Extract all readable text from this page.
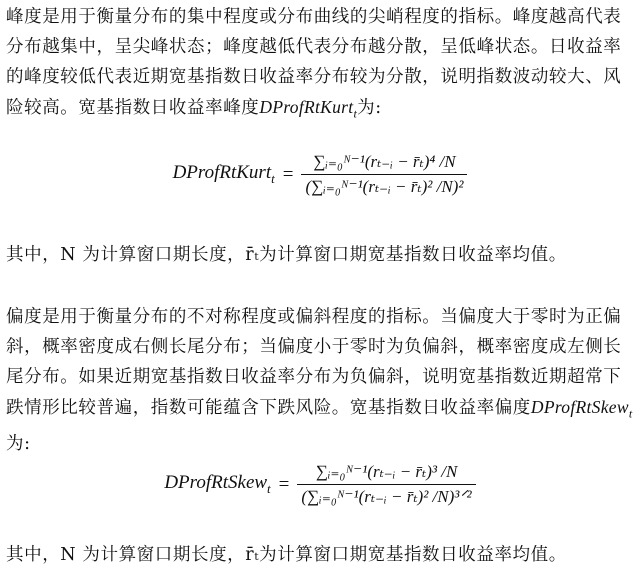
峰度是用于衡量分布的集中程度或分布曲线的尖峭程度的指标。峰度越高代表分布越集中，呈尖峰状态；峰度越低代表分布越分散，呈低峰状态。日收益率的峰度较低代表近期宽基指数日收益率分布较为分散，说明指数波动较大、风险较高。宽基指数日收益率峰度DProfRtKurt$_t$为:

DProfRtKurt$_t$ = $\frac{\text{∑ᵢ₌₀ᴺ⁻¹(rₜ₋ᵢ − r̄ₜ)⁴ /N}}{\text{(∑ᵢ₌₀ᴺ⁻¹(rₜ₋ᵢ − r̄ₜ)² /N)²}}$

其中，N 为计算窗口期长度，r̄ₜ为计算窗口期宽基指数日收益率均值。

偏度是用于衡量分布的不对称程度或偏斜程度的指标。当偏度大于零时为正偏斜，概率密度成右侧长尾分布；当偏度小于零时为负偏斜，概率密度成左侧长尾分布。如果近期宽基指数日收益率分布为负偏斜，说明宽基指数近期超常下跌情形比较普遍，指数可能蕴含下跌风险。宽基指数日收益率偏度DProfRtSkew$_t$为:

DProfRtSkew$_t$ = $\frac{\text{∑ᵢ₌₀ᴺ⁻¹(rₜ₋ᵢ − r̄ₜ)³ /N}}{\text{(∑ᵢ₌₀ᴺ⁻¹(rₜ₋ᵢ − r̄ₜ)² /N)³ᐟ²}}$

其中，N 为计算窗口期长度，r̄ₜ为计算窗口期宽基指数日收益率均值。
